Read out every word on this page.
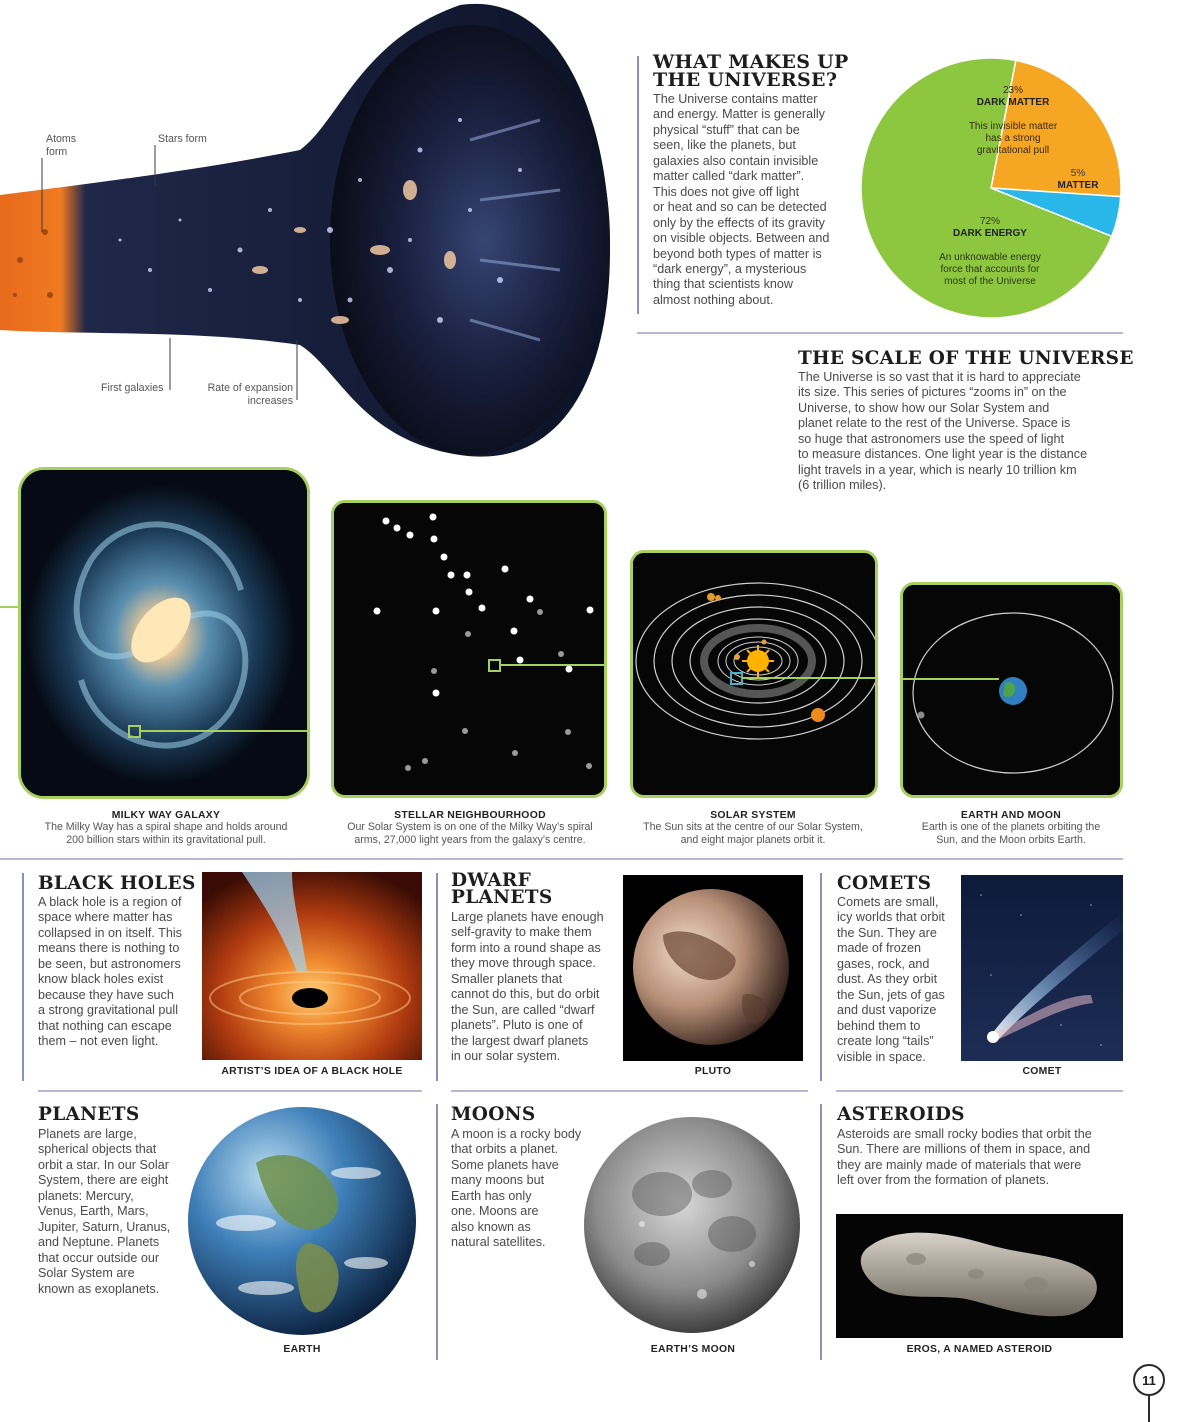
Atoms
form
Stars form
First galaxies	Rate of expansion
increases
WHAT MAKES UP
THE UNIVERSE?
The Universe contains matter
and energy. Matter is generally
physical “stuff” that can be
seen, like the planets, but
galaxies also contain invisible
matter called “dark matter”.
This does not give off light
or heat and so can be detected
only by the effects of its gravity
on visible objects. Between and
beyond both types of matter is
“dark energy”, a mysterious
thing that scientists know
almost nothing about.

23%

DARK MATTER

This invisible matter
has a strong
gravitational pull

5%

MATTER

72%

DARK ENERGY

An unknowable energy
force that accounts for
most of the Universe

THE SCALE OF THE UNIVERSE
The Universe is so vast that it is hard to appreciate
its size. This series of pictures “zooms in” on the
Universe, to show how our Solar System and
planet relate to the rest of the Universe. Space is
so huge that astronomers use the speed of light
to measure distances. One light year is the distance
light travels in a year, which is nearly 10 trillion km
(6 trillion miles).
MILKY WAY GALAXY
The Milky Way has a spiral shape and holds around
200 billion stars within its gravitational pull.
STELLAR NEIGHBOURHOOD
Our Solar System is on one of the Milky Way’s spiral
arms, 27,000 light years from the galaxy’s centre.
SOLAR SYSTEM
The Sun sits at the centre of our Solar System,
and eight major planets orbit it.
EARTH AND MOON
Earth is one of the planets orbiting the
Sun, and the Moon orbits Earth.
BLACK HOLES
A black hole is a region of
space where matter has
collapsed in on itself. This
means there is nothing to
be seen, but astronomers
know black holes exist
because they have such
a strong gravitational pull
that nothing can escape
them – not even light.
ARTIST’S IDEA OF A BLACK HOLE
DWARF
PLANETS
Large planets have enough
self-gravity to make them
form into a round shape as
they move through space.
Smaller planets that
cannot do this, but do orbit
the Sun, are called “dwarf
planets”. Pluto is one of
the largest dwarf planets
in our solar system.
PLUTO
COMETS
Comets are small,
icy worlds that orbit
the Sun. They are
made of frozen
gases, rock, and
dust. As they orbit
the Sun, jets of gas
and dust vaporize
behind them to
create long “tails”
visible in space.
COMET
PLANETS
Planets are large,
spherical objects that
orbit a star. In our Solar
System, there are eight
planets: Mercury,
Venus, Earth, Mars,
Jupiter, Saturn, Uranus,
and Neptune. Planets
that occur outside our
Solar System are
known as exoplanets.
EARTH
MOONS
A moon is a rocky body
that orbits a planet.
Some planets have
many moons but
Earth has only
one. Moons are
also known as
natural satellites.
EARTH’S MOON
ASTEROIDS
Asteroids are small rocky bodies that orbit the
Sun. There are millions of them in space, and
they are mainly made of materials that were
left over from the formation of planets.
EROS, A NAMED ASTEROID
11
